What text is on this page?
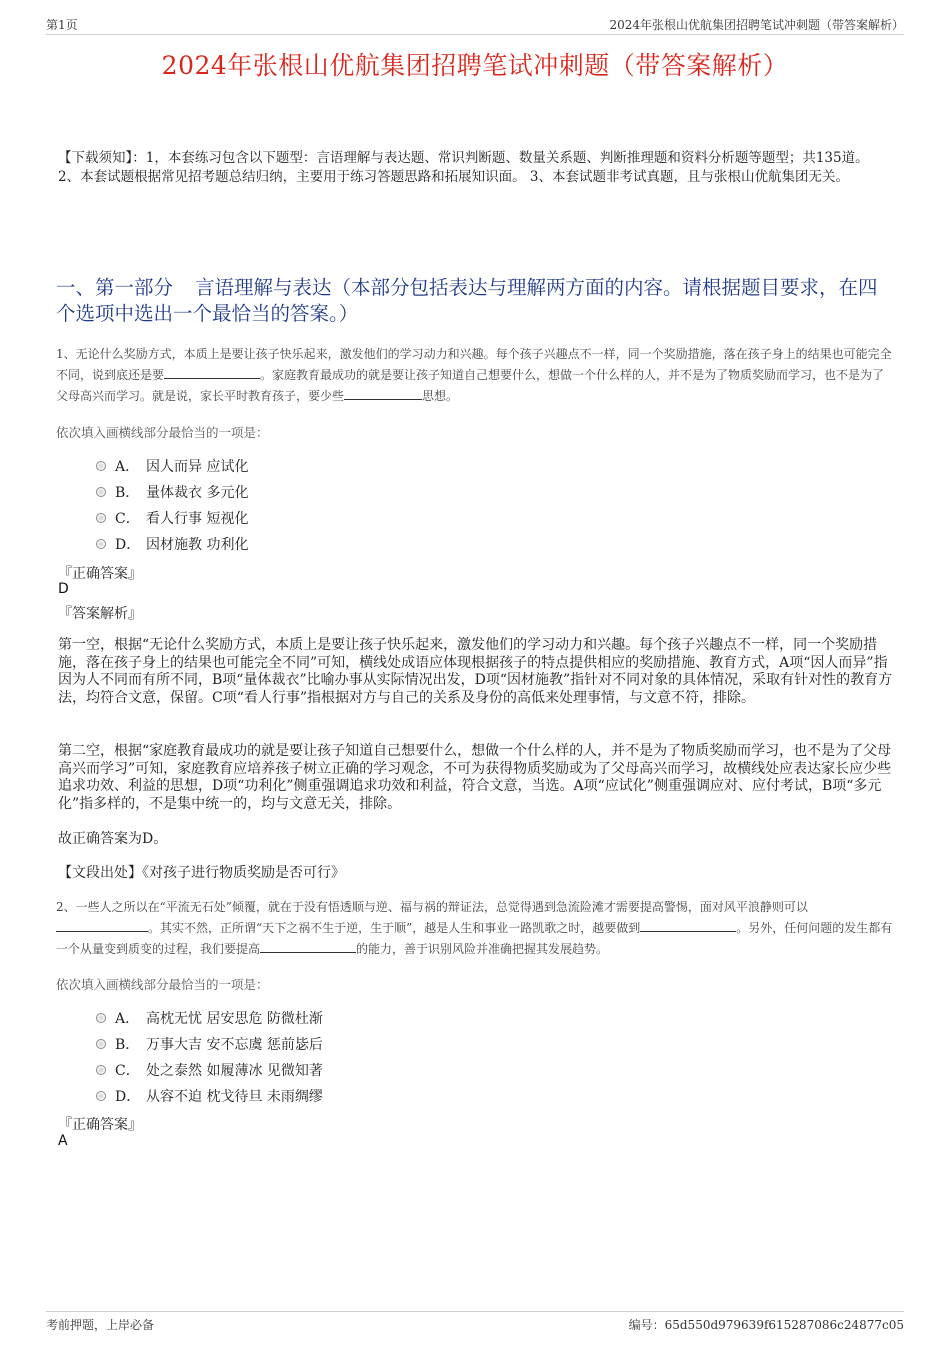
第1页	2024年张根山优航集团招聘笔试冲刺题（带答案解析）
2024年张根山优航集团招聘笔试冲刺题（带答案解析）
【下载须知】：1，本套练习包含以下题型：言语理解与表达题、常识判断题、数量关系题、判断推理题和资料分析题等题型；共135道。 2、本套试题根据常见招考题总结归纳，主要用于练习答题思路和拓展知识面。 3、本套试题非考试真题，且与张根山优航集团无关。
一、第一部分 言语理解与表达（本部分包括表达与理解两方面的内容。请根据题目要求，在四个选项中选出一个最恰当的答案。）
1、无论什么奖励方式，本质上是要让孩子快乐起来，激发他们的学习动力和兴趣。每个孩子兴趣点不一样，同一个奖励措施，落在孩子身上的结果也可能完全不同，说到底还是要	。家庭教育最成功的就是要让孩子知道自己想要什么，想做一个什么样的人，并不是为了物质奖励而学习，也不是为了父母高兴而学习。就是说，家长平时教育孩子，要少些	思想。
依次填入画横线部分最恰当的一项是：
A． 因人而异 应试化
B． 量体裁衣 多元化
C． 看人行事 短视化
D． 因材施教 功利化
『正确答案』
D
『答案解析』
第一空，根据“无论什么奖励方式，本质上是要让孩子快乐起来，激发他们的学习动力和兴趣。每个孩子兴趣点不一样，同一个奖励措施，落在孩子身上的结果也可能完全不同”可知，横线处成语应体现根据孩子的特点提供相应的奖励措施、教育方式，A项“因人而异”指因为人不同而有所不同，B项“量体裁衣”比喻办事从实际情况出发，D项“因材施教”指针对不同对象的具体情况，采取有针对性的教育方法，均符合文意，保留。C项“看人行事”指根据对方与自己的关系及身份的高低来处理事情，与文意不符，排除。
第二空，根据“家庭教育最成功的就是要让孩子知道自己想要什么，想做一个什么样的人，并不是为了物质奖励而学习，也不是为了父母高兴而学习”可知，家庭教育应培养孩子树立正确的学习观念，不可为获得物质奖励或为了父母高兴而学习，故横线处应表达家长应少些追求功效、利益的思想，D项“功利化”侧重强调追求功效和利益，符合文意，当选。A项“应试化”侧重强调应对、应付考试，B项“多元化”指多样的，不是集中统一的，均与文意无关，排除。
故正确答案为D。
【文段出处】《对孩子进行物质奖励是否可行》
2、一些人之所以在“平流无石处”倾覆，就在于没有悟透顺与逆、福与祸的辩证法，总觉得遇到急流险滩才需要提高警惕，面对风平浪静则可以。其实不然，正所谓“天下之祸不生于逆，生于顺”，越是人生和事业一路凯歌之时，越要做到	。另外，任何问题的发生都有一个从量变到质变的过程，我们要提高	的能力，善于识别风险并准确把握其发展趋势。
依次填入画横线部分最恰当的一项是：
A． 高枕无忧 居安思危 防微杜渐
B． 万事大吉 安不忘虞 惩前毖后
C． 处之泰然 如履薄冰 见微知著
D． 从容不迫 枕戈待旦 未雨绸缪
『正确答案』
A
考前押题，上岸必备	编号：65d550d979639f615287086c24877c05
